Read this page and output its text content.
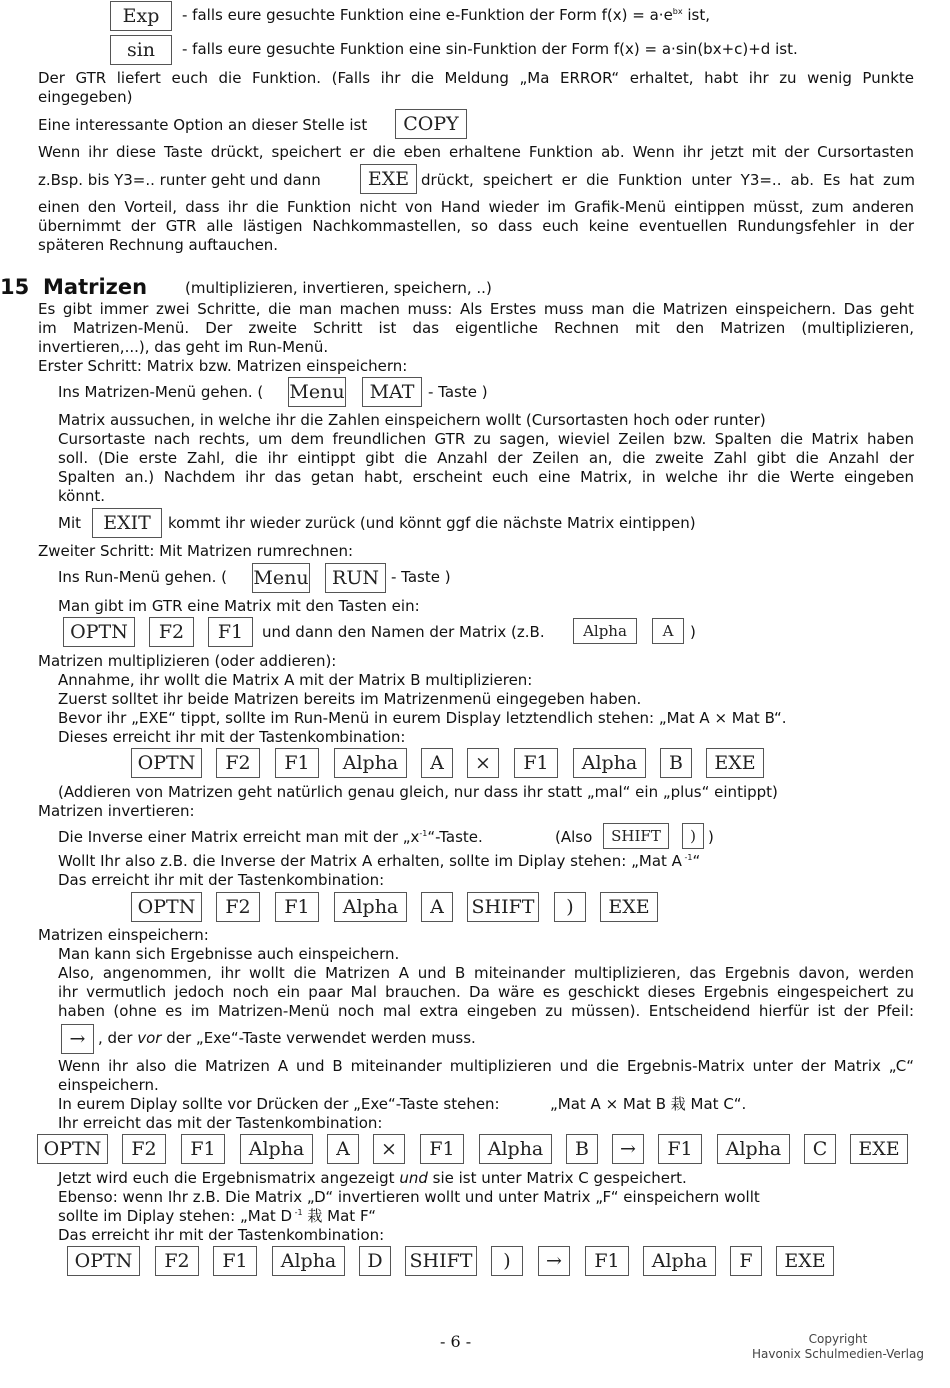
Exp	- falls eure gesuchte Funktion eine e-Funktion der Form $f(x) = a\cdot e^{bx}$ ist,
sin	- falls eure gesuchte Funktion eine sin-Funktion der Form f(x) = a·sin(bx+c)+d ist.
Der GTR liefert euch die Funktion. (Falls ihr die Meldung „Ma ERROR“ erhaltet, habt ihr zu wenig Punkte
eingegeben)
Eine interessante Option an dieser Stelle ist	COPY
Wenn ihr diese Taste drückt, speichert er die eben erhaltene Funktion ab. Wenn ihr jetzt mit der Cursortasten
z.Bsp. bis Y3=.. runter geht und dann	EXE drückt, speichert er die Funktion unter Y3=.. ab. Es hat zum
einen den Vorteil, dass ihr die Funktion nicht von Hand wieder im Grafik-Menü eintippen müsst, zum anderen
übernimmt der GTR alle lästigen Nachkommastellen, so dass euch keine eventuellen Rundungsfehler in der
späteren Rechnung auftauchen.
15 Matrizen	(multiplizieren, invertieren, speichern, ..)
Es gibt immer zwei Schritte, die man machen muss: Als Erstes muss man die Matrizen einspeichern. Das geht
im Matrizen-Menü. Der zweite Schritt ist das eigentliche Rechnen mit den Matrizen (multiplizieren,
invertieren,...), das geht im Run-Menü.
Erster Schritt: Matrix bzw. Matrizen einspeichern:
Ins Matrizen-Menü gehen. ( Menu	MAT - Taste )
Matrix aussuchen, in welche ihr die Zahlen einspeichern wollt (Cursortasten hoch oder runter)
Cursortaste nach rechts, um dem freundlichen GTR zu sagen, wieviel Zeilen bzw. Spalten die Matrix haben
soll. (Die erste Zahl, die ihr eintippt gibt die Anzahl der Zeilen an, die zweite Zahl gibt die Anzahl der
Spalten an.) Nachdem ihr das getan habt, erscheint euch eine Matrix, in welche ihr die Werte eingeben
könnt.
Mit	EXIT	kommt ihr wieder zurück (und könnt ggf die nächste Matrix eintippen)
Zweiter Schritt: Mit Matrizen rumrechnen:
Ins Run-Menü gehen. ( Menu	RUN - Taste )
Man gibt im GTR eine Matrix mit den Tasten ein:
OPTN	F2	F1	und dann den Namen der Matrix (z.B.	Alpha	A	)
Matrizen multiplizieren (oder addieren):
Annahme, ihr wollt die Matrix A mit der Matrix B multiplizieren:
Zuerst solltet ihr beide Matrizen bereits im Matrizenmenü eingegeben haben.
Bevor ihr „EXE“ tippt, sollte im Run-Menü in eurem Display letztendlich stehen: „Mat A × Mat B“.
Dieses erreicht ihr mit der Tastenkombination:
OPTN	F2	F1	Alpha	A	×	F1	Alpha	B	EXE
(Addieren von Matrizen geht natürlich genau gleich, nur dass ihr statt „mal“ ein „plus“ eintippt)
Matrizen invertieren:
Die Inverse einer Matrix erreicht man mit der $„x^{-1}“$-Taste.	(Also	SHIFT	) )
Wollt Ihr also z.B. die Inverse der Matrix A erhalten, sollte im Diplay stehen: „Mat A $^{-1}$“
Das erreicht ihr mit der Tastenkombination:
OPTN	F2	F1	Alpha	A	SHIFT	)	EXE
Matrizen einspeichern:
Man kann sich Ergebnisse auch einspeichern.
Also, angenommen, ihr wollt die Matrizen A und B miteinander multiplizieren, das Ergebnis davon, werden
ihr vermutlich jedoch noch ein paar Mal brauchen. Da wäre es geschickt dieses Ergebnis eingespeichert zu
haben (ohne es im Matrizen-Menü noch mal extra eingeben zu müssen). Entscheidend hierfür ist der Pfeil:
→ , der vor der „Exe“-Taste verwendet werden muss.
Wenn ihr also die Matrizen A und B miteinander multiplizieren und die Ergebnis-Matrix unter der Matrix „C“
einspeichern.
In eurem Diplay sollte vor Drücken der „Exe“-Taste stehen:	„Mat A × Mat B 栽 Mat C“.
Ihr erreicht das mit der Tastenkombination:
OPTN	F2	F1	Alpha	A	×	F1	Alpha	B	→	F1	Alpha	C	EXE
Jetzt wird euch die Ergebnismatrix angezeigt und sie ist unter Matrix C gespeichert.
Ebenso: wenn Ihr z.B. Die Matrix „D“ invertieren wollt und unter Matrix „F“ einspeichern wollt
sollte im Diplay stehen: „Mat D $^{-1}$ 栽 Mat F“
Das erreicht ihr mit der Tastenkombination:
OPTN	F2	F1	Alpha	D	SHIFT	)	→	F1	Alpha	F	EXE
- 6 -	Copyright
Havonix Schulmedien-Verlag
